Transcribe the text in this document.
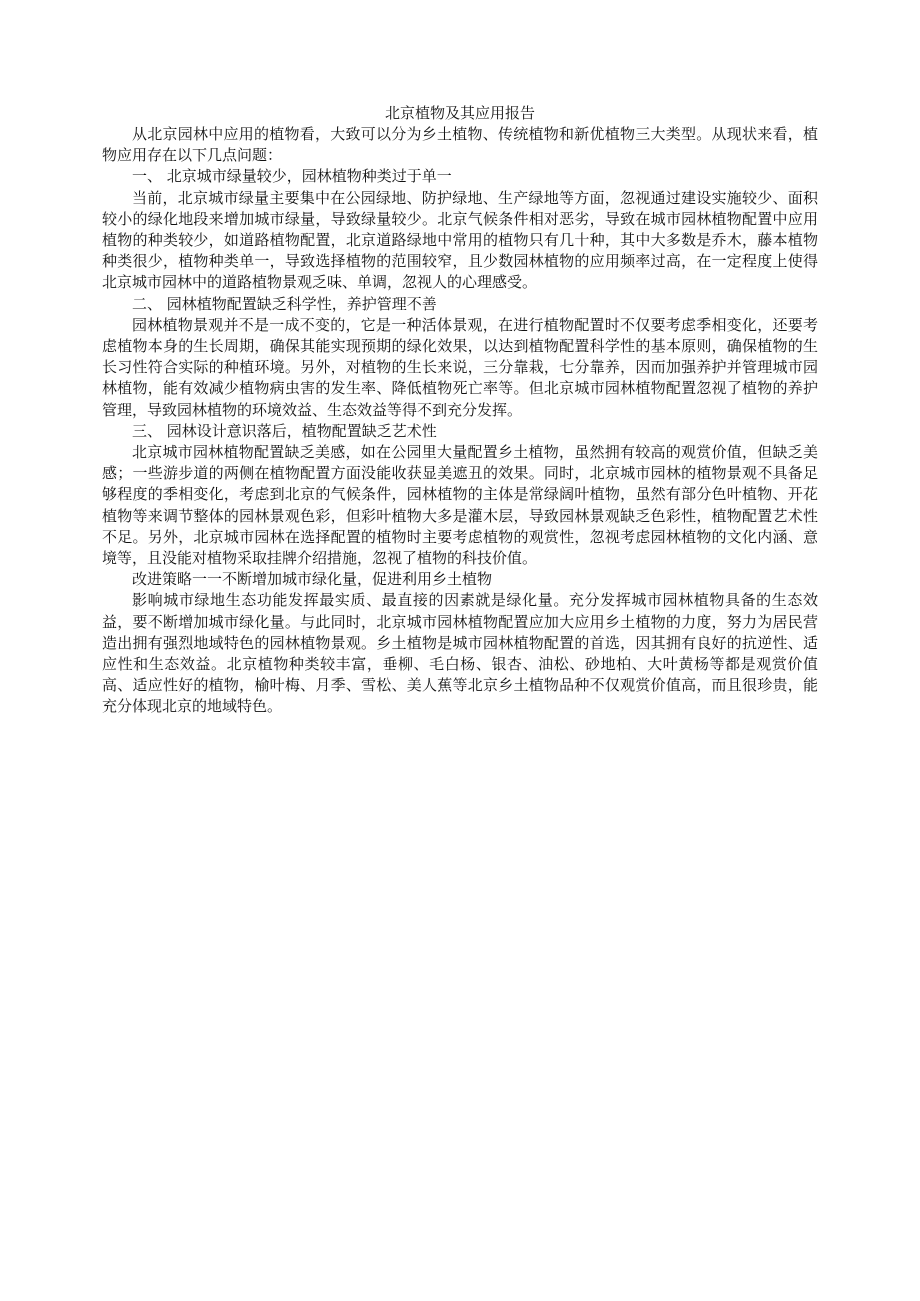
北京植物及其应用报告

从北京园林中应用的植物看，大致可以分为乡土植物、传统植物和新优植物三大类型。从现状来看，植物应用存在以下几点问题：

一、 北京城市绿量较少，园林植物种类过于单一

当前，北京城市绿量主要集中在公园绿地、防护绿地、生产绿地等方面，忽视通过建设实施较少、面积较小的绿化地段来增加城市绿量，导致绿量较少。北京气候条件相对恶劣，导致在城市园林植物配置中应用植物的种类较少，如道路植物配置，北京道路绿地中常用的植物只有几十种，其中大多数是乔木，藤本植物种类很少，植物种类单一，导致选择植物的范围较窄，且少数园林植物的应用频率过高，在一定程度上使得北京城市园林中的道路植物景观乏味、单调，忽视人的心理感受。

二、 园林植物配置缺乏科学性，养护管理不善

园林植物景观并不是一成不变的，它是一种活体景观，在进行植物配置时不仅要考虑季相变化，还要考虑植物本身的生长周期，确保其能实现预期的绿化效果，以达到植物配置科学性的基本原则，确保植物的生长习性符合实际的种植环境。另外，对植物的生长来说，三分靠栽，七分靠养，因而加强养护并管理城市园林植物，能有效减少植物病虫害的发生率、降低植物死亡率等。但北京城市园林植物配置忽视了植物的养护管理，导致园林植物的环境效益、生态效益等得不到充分发挥。

三、 园林设计意识落后，植物配置缺乏艺术性

北京城市园林植物配置缺乏美感，如在公园里大量配置乡土植物，虽然拥有较高的观赏价值，但缺乏美感；一些游步道的两侧在植物配置方面没能收获显美遮丑的效果。同时，北京城市园林的植物景观不具备足够程度的季相变化，考虑到北京的气候条件，园林植物的主体是常绿阔叶植物，虽然有部分色叶植物、开花植物等来调节整体的园林景观色彩，但彩叶植物大多是灌木层，导致园林景观缺乏色彩性，植物配置艺术性不足。另外，北京城市园林在选择配置的植物时主要考虑植物的观赏性，忽视考虑园林植物的文化内涵、意境等，且没能对植物采取挂牌介绍措施，忽视了植物的科技价值。

改进策略一一不断增加城市绿化量，促进利用乡土植物

影响城市绿地生态功能发挥最实质、最直接的因素就是绿化量。充分发挥城市园林植物具备的生态效益，要不断增加城市绿化量。与此同时，北京城市园林植物配置应加大应用乡土植物的力度，努力为居民营造出拥有强烈地域特色的园林植物景观。乡土植物是城市园林植物配置的首选，因其拥有良好的抗逆性、适应性和生态效益。北京植物种类较丰富，垂柳、毛白杨、银杏、油松、砂地柏、大叶黄杨等都是观赏价值高、适应性好的植物，榆叶梅、月季、雪松、美人蕉等北京乡土植物品种不仅观赏价值高，而且很珍贵，能充分体现北京的地域特色。
